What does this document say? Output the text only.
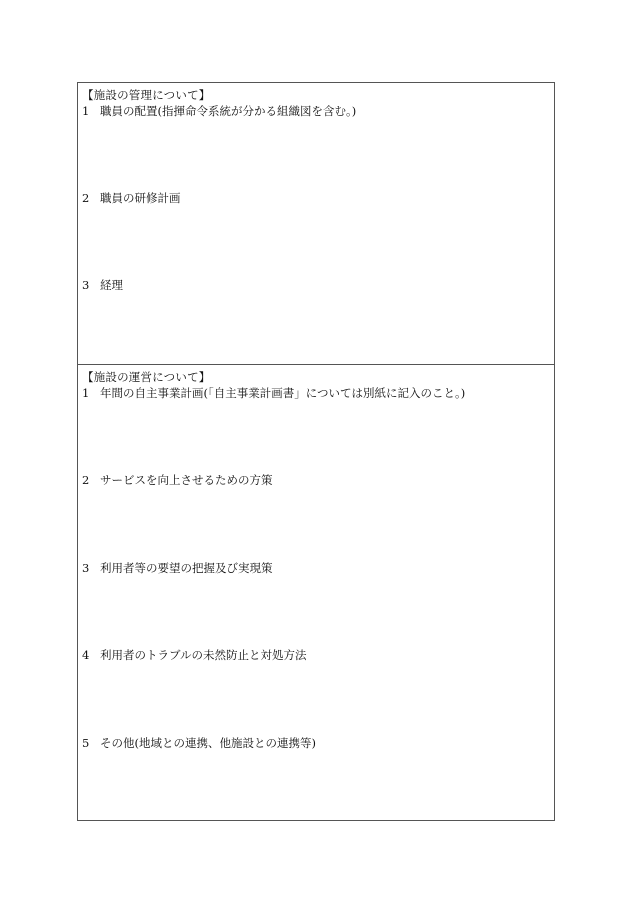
【施設の管理について】
1 職員の配置(指揮命令系統が分かる組織図を含む。)
2 職員の研修計画
3 経理
【施設の運営について】
1 年間の自主事業計画(「自主事業計画書」については別紙に記入のこと。)
2 サービスを向上させるための方策
3 利用者等の要望の把握及び実現策
4 利用者のトラブルの未然防止と対処方法
5 その他(地域との連携、他施設との連携等)
